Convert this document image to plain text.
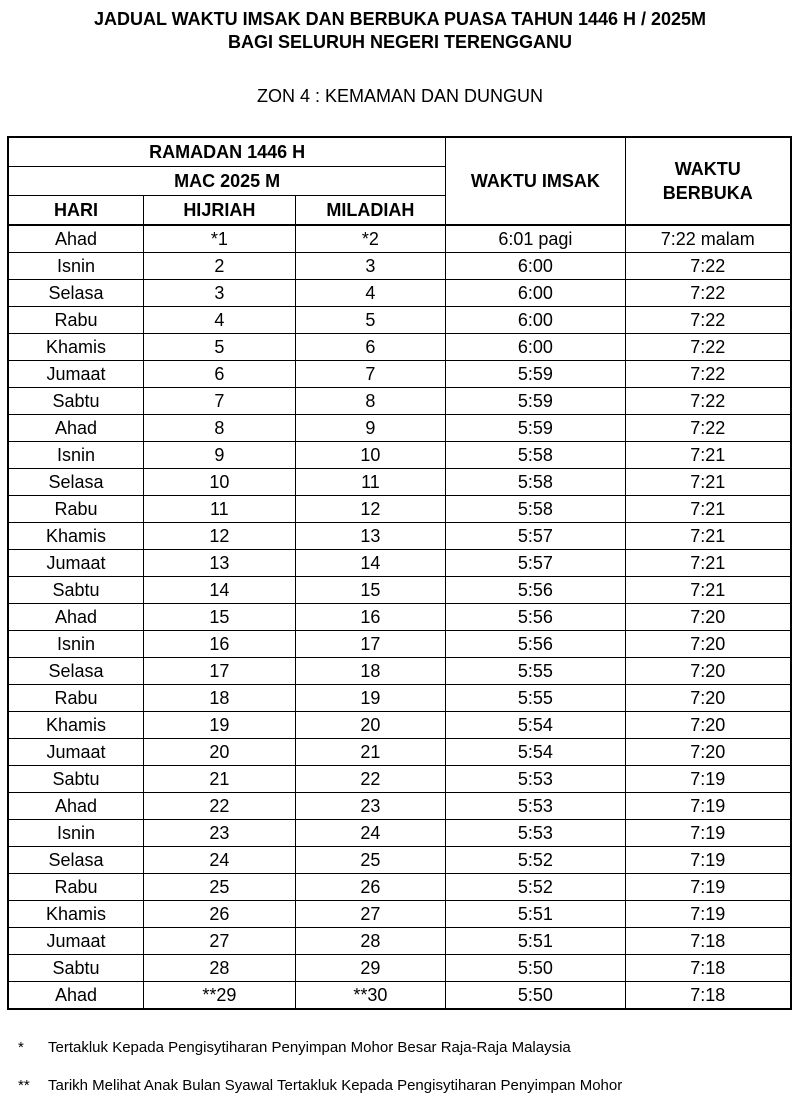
JADUAL WAKTU IMSAK DAN BERBUKA PUASA TAHUN 1446 H / 2025M
BAGI SELURUH NEGERI TERENGGANU
ZON 4 : KEMAMAN DAN DUNGUN
RAMADAN 1446 H			WAKTU IMSAK	WAKTU BERBUKA
MAC 2025 M				
HARI	HIJRIAH	MILADIAH		
Ahad	*1	*2	6:01 pagi	7:22 malam
Isnin	2	3	6:00	7:22
Selasa	3	4	6:00	7:22
Rabu	4	5	6:00	7:22
Khamis	5	6	6:00	7:22
Jumaat	6	7	5:59	7:22
Sabtu	7	8	5:59	7:22
Ahad	8	9	5:59	7:22
Isnin	9	10	5:58	7:21
Selasa	10	11	5:58	7:21
Rabu	11	12	5:58	7:21
Khamis	12	13	5:57	7:21
Jumaat	13	14	5:57	7:21
Sabtu	14	15	5:56	7:21
Ahad	15	16	5:56	7:20
Isnin	16	17	5:56	7:20
Selasa	17	18	5:55	7:20
Rabu	18	19	5:55	7:20
Khamis	19	20	5:54	7:20
Jumaat	20	21	5:54	7:20
Sabtu	21	22	5:53	7:19
Ahad	22	23	5:53	7:19
Isnin	23	24	5:53	7:19
Selasa	24	25	5:52	7:19
Rabu	25	26	5:52	7:19
Khamis	26	27	5:51	7:19
Jumaat	27	28	5:51	7:18
Sabtu	28	29	5:50	7:18
Ahad	**29	**30	5:50	7:18
* Tertakluk Kepada Pengisytiharan Penyimpan Mohor Besar Raja-Raja Malaysia
** Tarikh Melihat Anak Bulan Syawal Tertakluk Kepada Pengisytiharan Penyimpan Mohor
